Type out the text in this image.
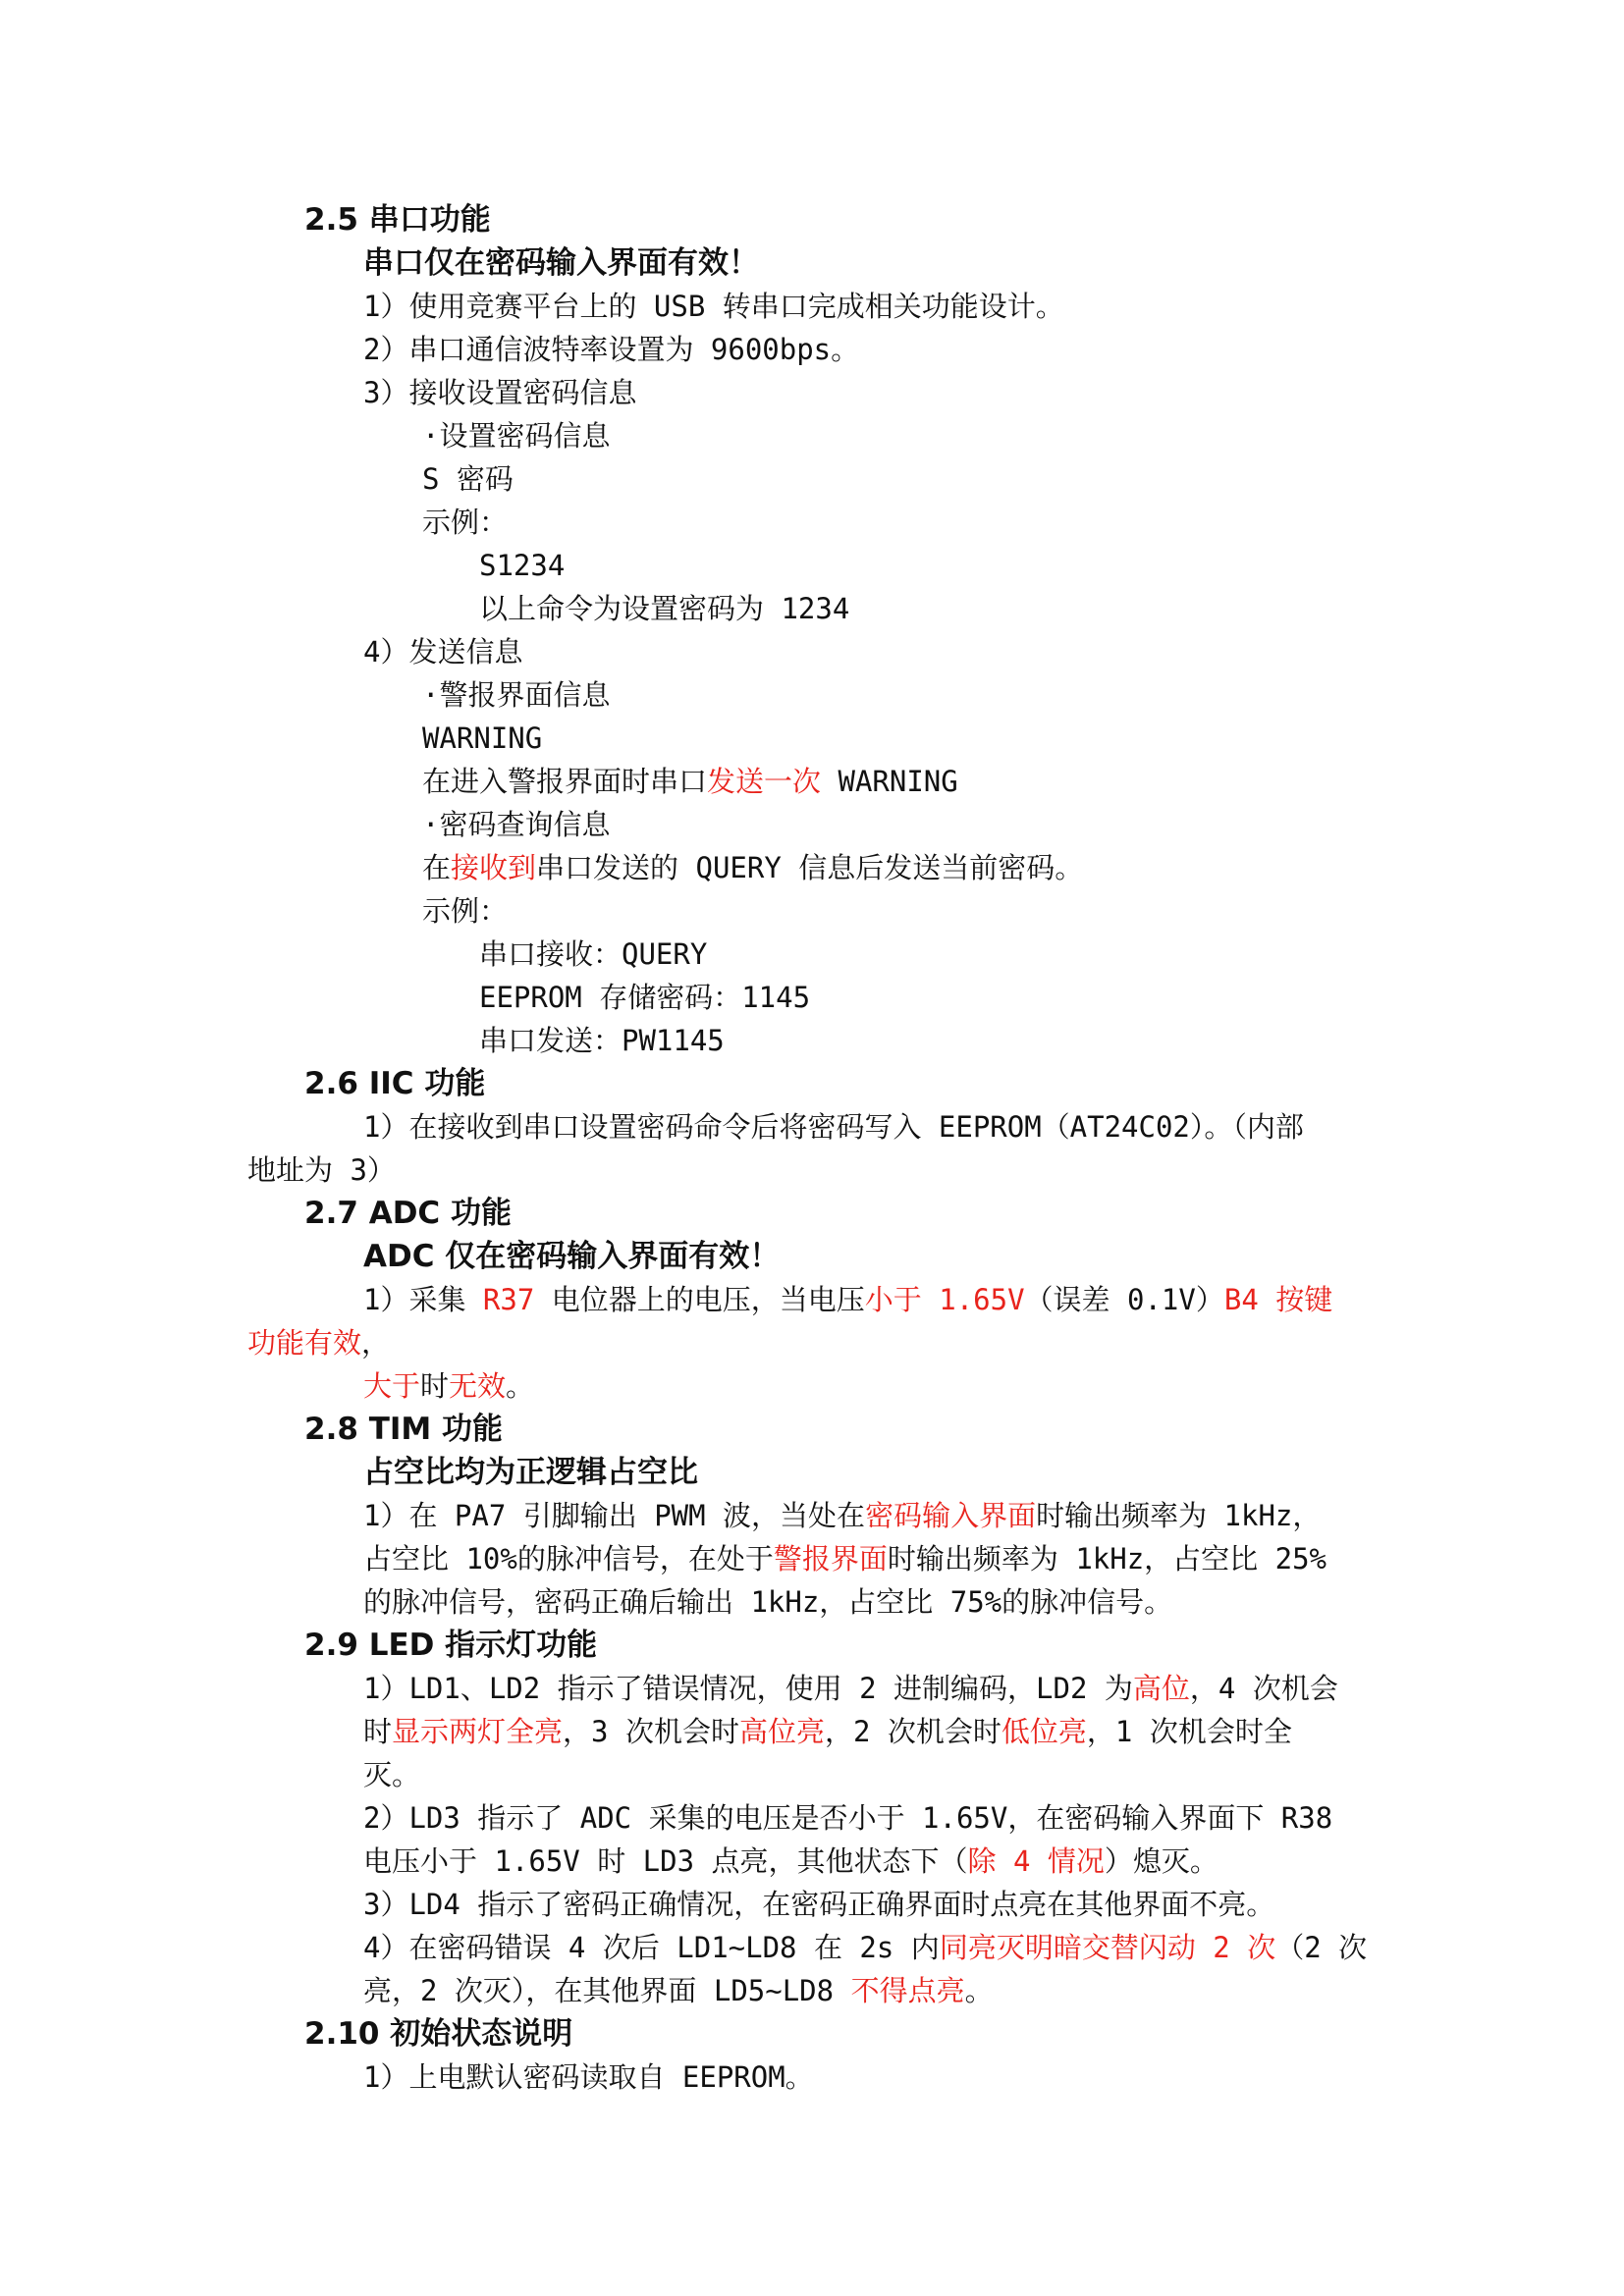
2.5 串口功能
串口仅在密码输入界面有效！
1）使用竞赛平台上的 USB 转串口完成相关功能设计。
2）串口通信波特率设置为 9600bps。
3）接收设置密码信息
·设置密码信息
S 密码
示例：
S1234
以上命令为设置密码为 1234
4）发送信息
·警报界面信息
WARNING
在进入警报界面时串口发送一次 WARNING
·密码查询信息
在接收到串口发送的 QUERY 信息后发送当前密码。
示例：
串口接收：QUERY
EEPROM 存储密码：1145
串口发送：PW1145
2.6 IIC 功能
1）在接收到串口设置密码命令后将密码写入 EEPROM（AT24C02）。（内部
地址为 3）
2.7 ADC 功能
ADC 仅在密码输入界面有效！
1）采集 R37 电位器上的电压，当电压小于 1.65V（误差 0.1V）B4 按键
功能有效，
大于时无效。
2.8 TIM 功能
占空比均为正逻辑占空比
1）在 PA7 引脚输出 PWM 波，当处在密码输入界面时输出频率为 1kHz，
占空比 10%的脉冲信号，在处于警报界面时输出频率为 1kHz，占空比 25%
的脉冲信号，密码正确后输出 1kHz，占空比 75%的脉冲信号。
2.9 LED 指示灯功能
1）LD1、LD2 指示了错误情况，使用 2 进制编码，LD2 为高位，4 次机会
时显示两灯全亮，3 次机会时高位亮，2 次机会时低位亮，1 次机会时全
灭。
2）LD3 指示了 ADC 采集的电压是否小于 1.65V，在密码输入界面下 R38
电压小于 1.65V 时 LD3 点亮，其他状态下（除 4 情况）熄灭。
3）LD4 指示了密码正确情况，在密码正确界面时点亮在其他界面不亮。
4）在密码错误 4 次后 LD1~LD8 在 2s 内同亮灭明暗交替闪动 2 次（2 次
亮，2 次灭），在其他界面 LD5~LD8 不得点亮。
2.10 初始状态说明
1）上电默认密码读取自 EEPROM。
